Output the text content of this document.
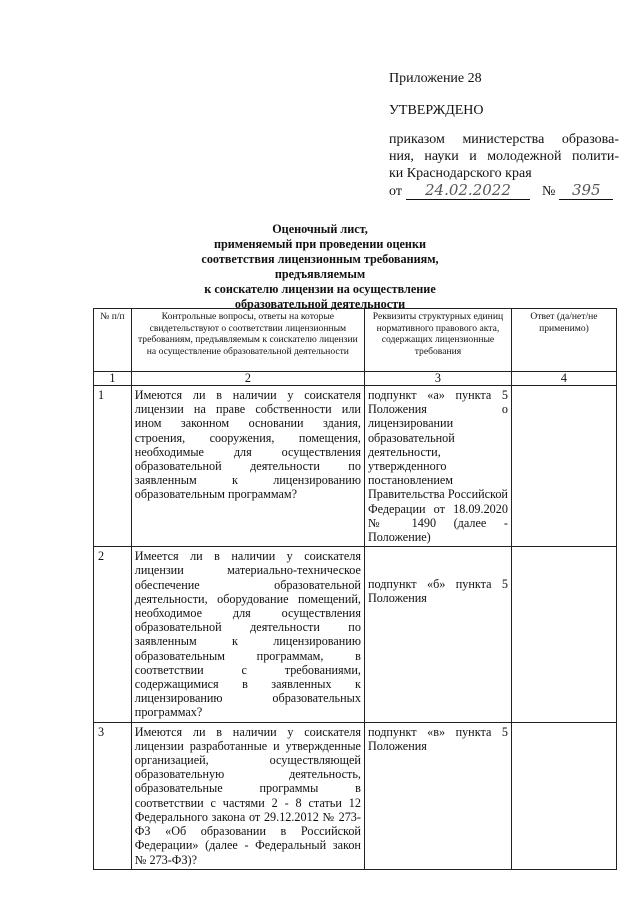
Приложение 28
УТВЕРЖДЕНО
приказом министерства образова-
ния, науки и молодежной полити-
ки Краснодарского края
от	24.02.2022	№	395
Оценочный лист,
применяемый при проведении оценки
соответствия лицензионным требованиям, предъявляемым
к соискателю лицензии на осуществление
образовательной деятельности
№ п/п	Контрольные вопросы, ответы на которые свидетельствуют о соответствии лицензионным требованиям, предъявляемым к соискателю лицензии на осуществление образовательной деятельности	Реквизиты структурных единиц нормативного правового акта, содержащих лицензионные требования	Ответ (да/нет/не применимо)
1	2	3	4
1	Имеются ли в наличии у соискателя лицензии на праве собственности или ином законном основании здания, строения, сооружения, помещения, необходимые для осуществления образовательной деятельности по заявленным к лицензированию образовательным программам?	подпункт «а» пункта 5 Положения о лицензировании образовательной деятельности, утвержденного постановлением Правительства Российской Федерации от 18.09.2020 № 1490 (далее - Положение)	
2	Имеется ли в наличии у соискателя лицензии материально-техническое обеспечение образовательной деятельности, оборудование помещений, необходимое для осуществления образовательной деятельности по заявленным к лицензированию образовательным программам, в соответствии с требованиями, содержащимися в заявленных к лицензированию образовательных программах?	подпункт «б» пункта 5 Положения	
3	Имеются ли в наличии у соискателя лицензии разработанные и утвержденные организацией, осуществляющей образовательную деятельность, образовательные программы в соответствии с частями 2 - 8 статьи 12 Федерального закона от 29.12.2012 № 273-ФЗ «Об образовании в Российской Федерации» (далее - Федеральный закон № 273-ФЗ)?	подпункт «в» пункта 5 Положения	
